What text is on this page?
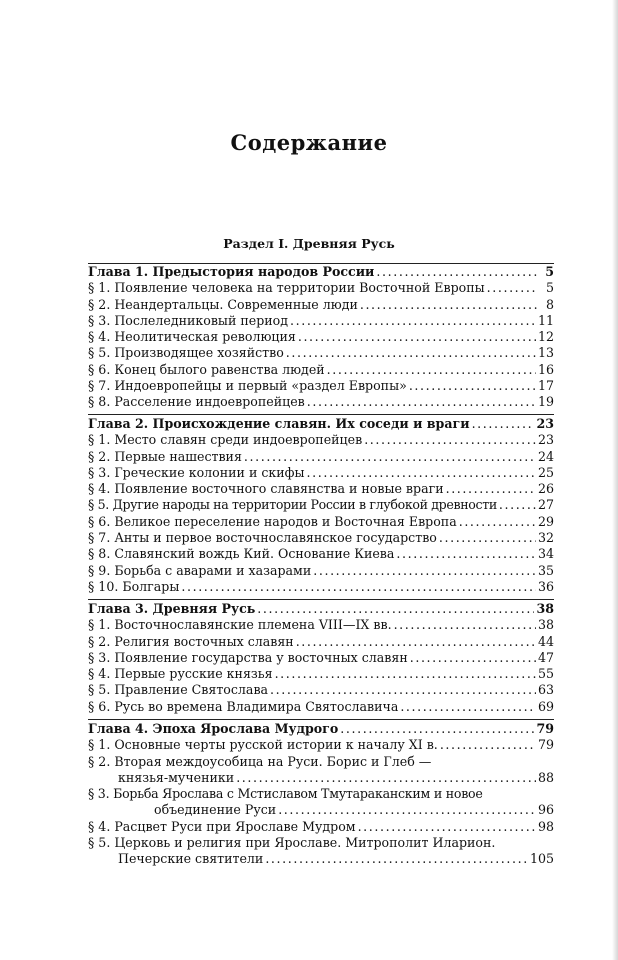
Содержание
Раздел I. Древняя Русь
Глава 1. Предыстория народов России . . .	5
§ 1. Появление человека на территории Восточной Европы . . .	5
§ 2. Неандертальцы. Современные люди . . .	8
§ 3. Послеледниковый период . . .	11
§ 4. Неолитическая революция . . .	12
§ 5. Производящее хозяйство . . .	13
§ 6. Конец былого равенства людей . . .	16
§ 7. Индоевропейцы и первый «раздел Европы» . . .	17
§ 8. Расселение индоевропейцев . . .	19
Глава 2. Происхождение славян. Их соседи и враги . . .	23
§ 1. Место славян среди индоевропейцев . . .	23
§ 2. Первые нашествия . . .	24
§ 3. Греческие колонии и скифы . . .	25
§ 4. Появление восточного славянства и новые враги . . .	26
§ 5. Другие народы на территории России в глубокой древности . . .	27
§ 6. Великое переселение народов и Восточная Европа . . .	29
§ 7. Анты и первое восточнославянское государство . . .	32
§ 8. Славянский вождь Кий. Основание Киева . . .	34
§ 9. Борьба с аварами и хазарами . . .	35
§ 10. Болгары . . .	36
Глава 3. Древняя Русь . . .	38
§ 1. Восточнославянские племена VIII—IX вв. . . .	38
§ 2. Религия восточных славян . . .	44
§ 3. Появление государства у восточных славян . . .	47
§ 4. Первые русские князья . . .	55
§ 5. Правление Святослава . . .	63
§ 6. Русь во времена Владимира Святославича . . .	69
Глава 4. Эпоха Ярослава Мудрого . . .	79
§ 1. Основные черты русской истории к началу XI в. . . .	79
§ 2. Вторая междоусобица на Руси. Борис и Глеб —
князья-мученики . . .	88
§ 3. Борьба Ярослава с Мстиславом Тмутараканским и новое
объединение Руси . . .	96
§ 4. Расцвет Руси при Ярославе Мудром . . .	98
§ 5. Церковь и религия при Ярославе. Митрополит Иларион.
Печерские святители . . .	105
